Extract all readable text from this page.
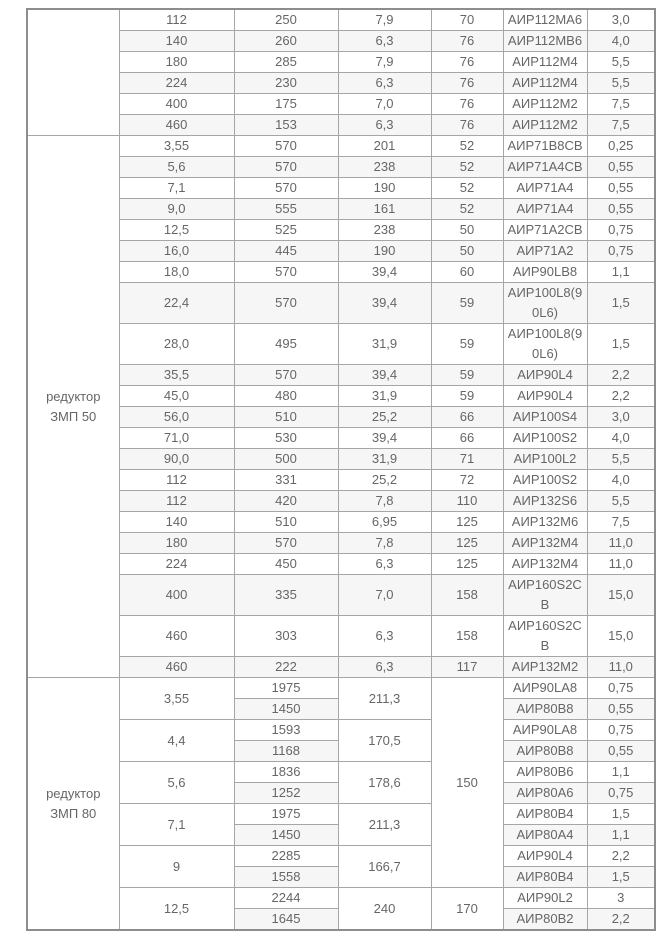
	112	250	7,9	70	АИР112МА6	3,0
	140	260	6,3	76	АИР112МВ6	4,0
	180	285	7,9	76	АИР112М4	5,5
	224	230	6,3	76	АИР112М4	5,5
	400	175	7,0	76	АИР112М2	7,5
	460	153	6,3	76	АИР112М2	7,5
редуктор ЗМП 50	3,55	570	201	52	АИР71В8СВ	0,25
	5,6	570	238	52	АИР71А4СВ	0,55
	7,1	570	190	52	АИР71А4	0,55
	9,0	555	161	52	АИР71А4	0,55
	12,5	525	238	50	АИР71А2СВ	0,75
	16,0	445	190	50	АИР71А2	0,75
	18,0	570	39,4	60	АИР90LB8	1,1
	22,4	570	39,4	59	АИР100L8(90L6)	1,5
	28,0	495	31,9	59	АИР100L8(90L6)	1,5
	35,5	570	39,4	59	АИР90L4	2,2
	45,0	480	31,9	59	АИР90L4	2,2
	56,0	510	25,2	66	АИР100S4	3,0
	71,0	530	39,4	66	АИР100S2	4,0
	90,0	500	31,9	71	АИР100L2	5,5
	112	331	25,2	72	АИР100S2	4,0
	112	420	7,8	110	АИР132S6	5,5
	140	510	6,95	125	АИР132М6	7,5
	180	570	7,8	125	АИР132М4	11,0
	224	450	6,3	125	АИР132М4	11,0
	400	335	7,0	158	АИР160S2СВ	15,0
	460	303	6,3	158	АИР160S2СВ	15,0
	460	222	6,3	117	АИР132М2	11,0
редуктор ЗМП 80	3,55	1975	211,3	150	АИР90LA8	0,75
		1450			АИР80В8	0,55
	4,4	1593	170,5		АИР90LA8	0,75
		1168			АИР80В8	0,55
	5,6	1836	178,6		АИР80В6	1,1
		1252			АИР80А6	0,75
	7,1	1975	211,3		АИР80В4	1,5
		1450			АИР80А4	1,1
	9	2285	166,7		АИР90L4	2,2
		1558			АИР80В4	1,5
	12,5	2244	240	170	АИР90L2	3
		1645			АИР80В2	2,2
